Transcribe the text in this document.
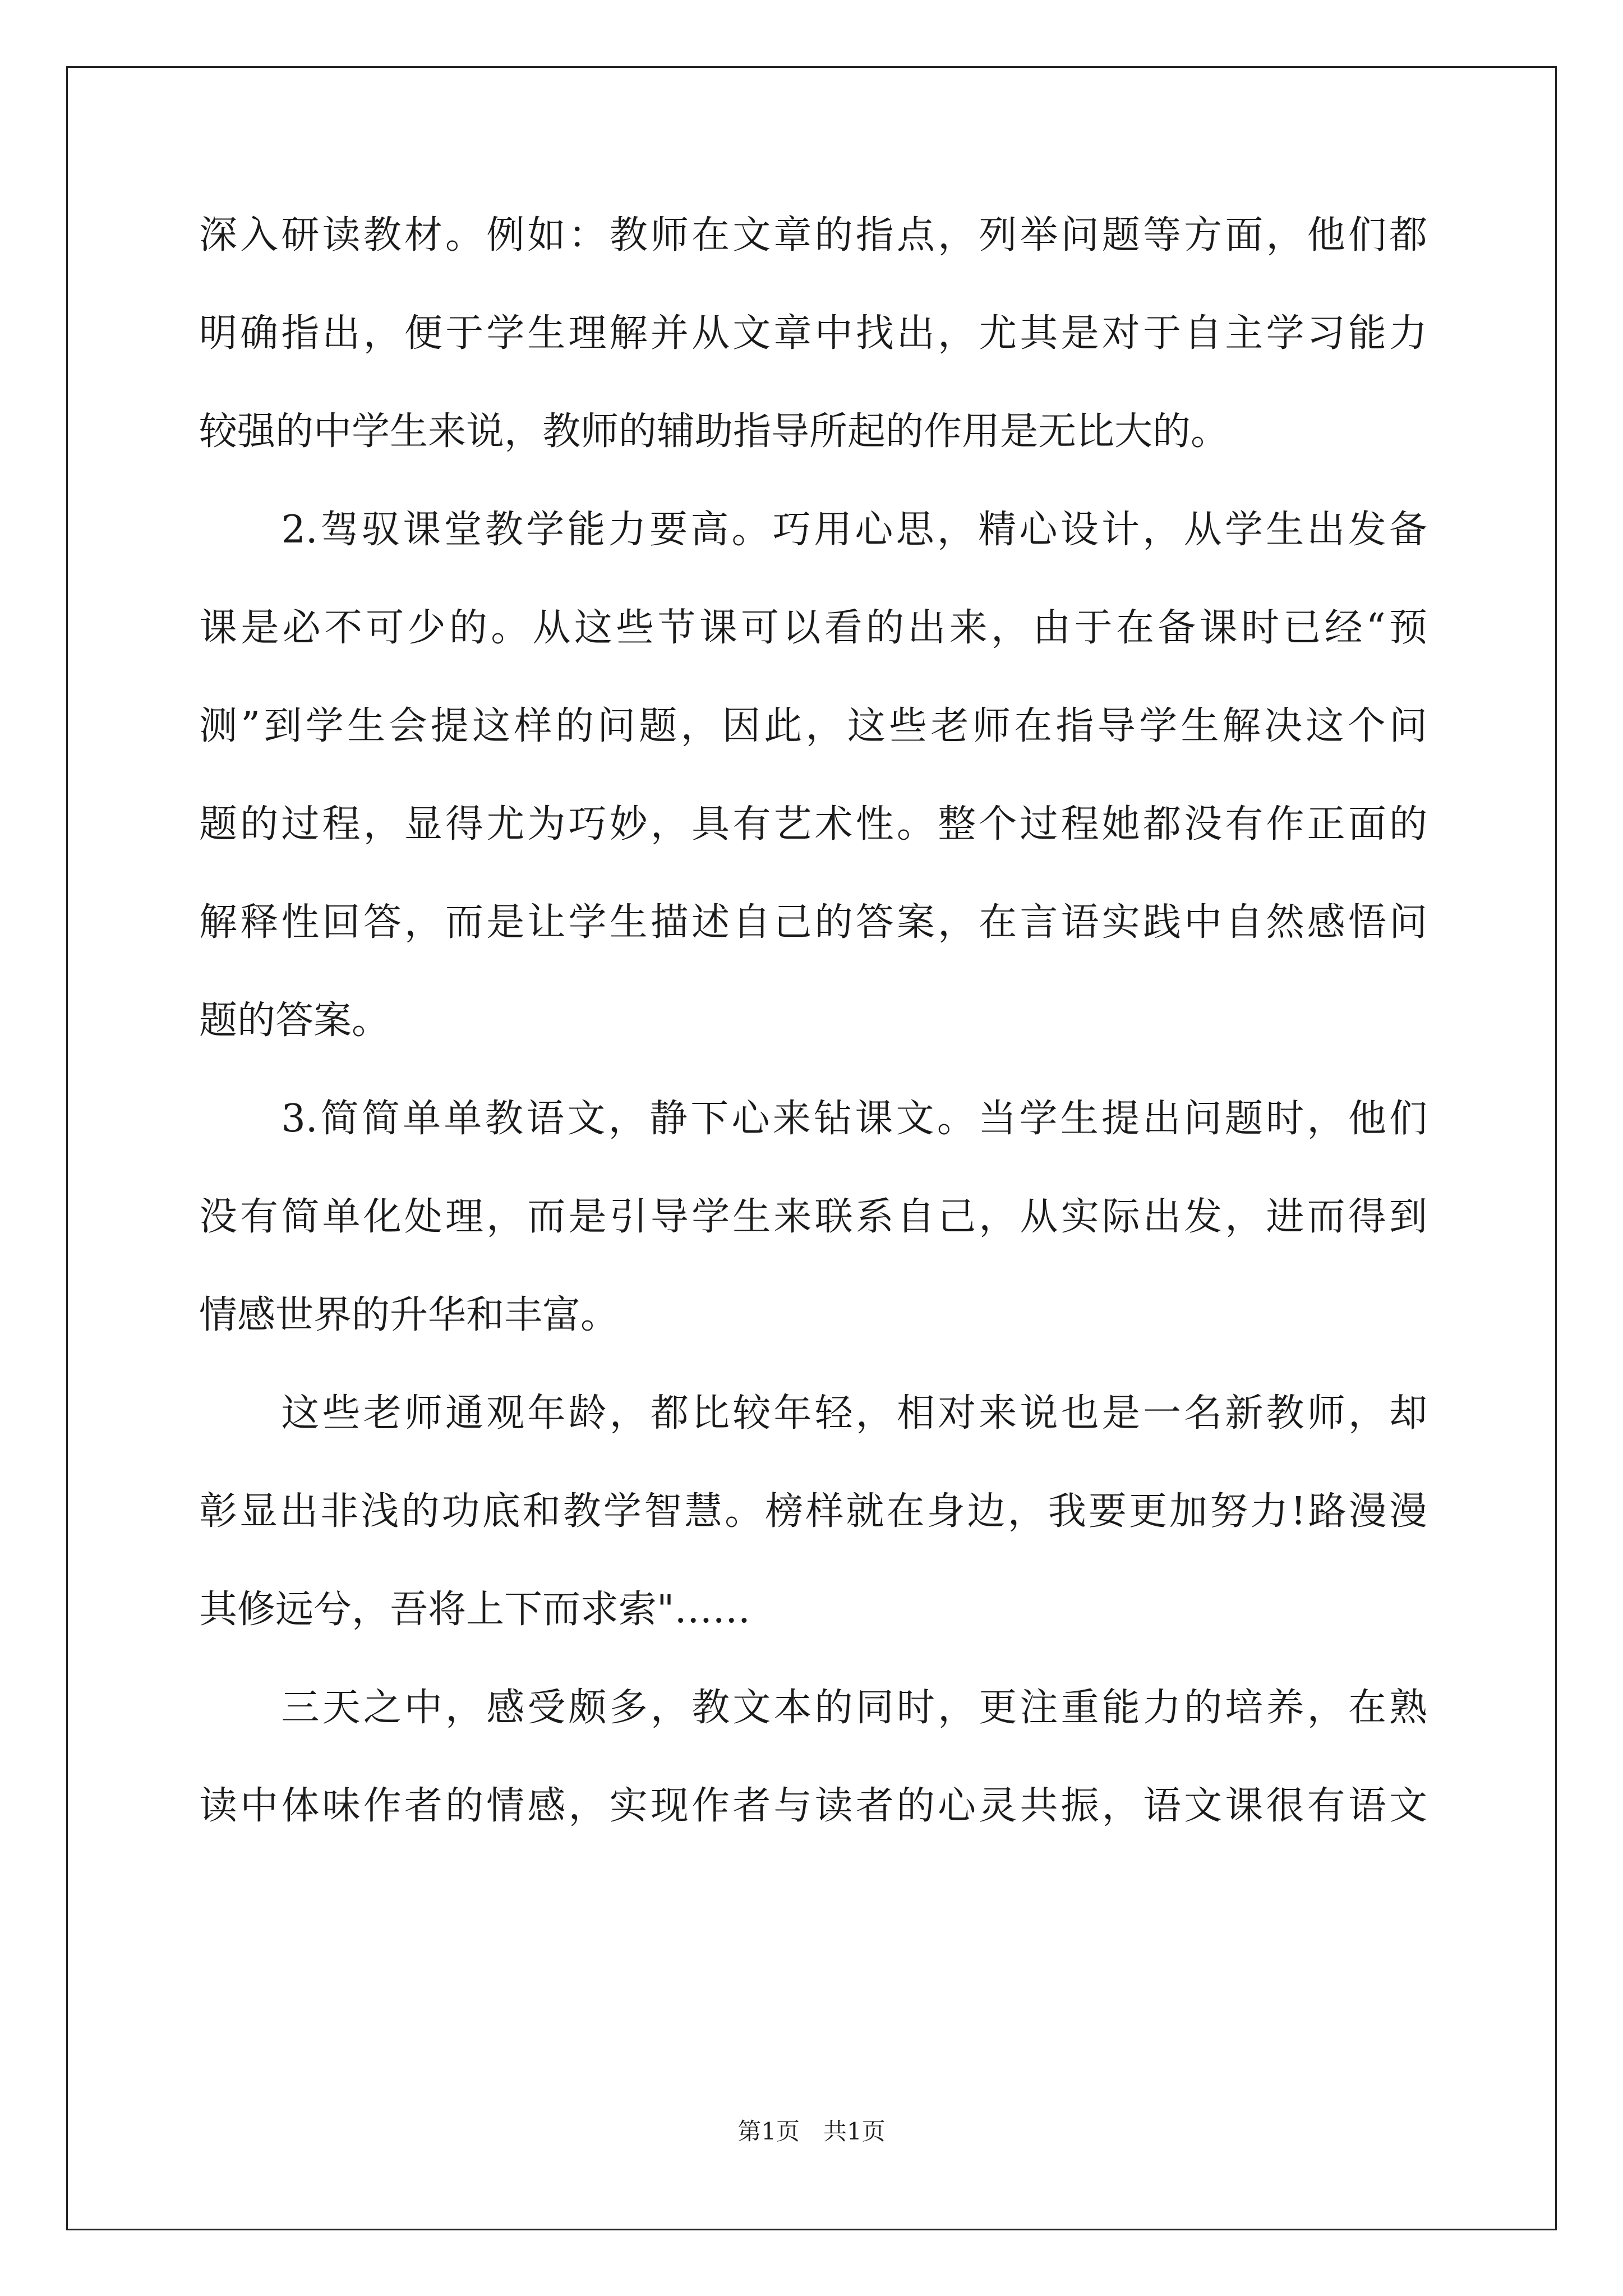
深入研读教材。例如：教师在文章的指点，列举问题等方面，他们都
明确指出，便于学生理解并从文章中找出，尤其是对于自主学习能力
较强的中学生来说，教师的辅助指导所起的作用是无比大的。
　　2.驾驭课堂教学能力要高。巧用心思，精心设计，从学生出发备
课是必不可少的。从这些节课可以看的出来，由于在备课时已经“预
测”到学生会提这样的问题，因此，这些老师在指导学生解决这个问
题的过程，显得尤为巧妙，具有艺术性。整个过程她都没有作正面的
解释性回答，而是让学生描述自己的答案，在言语实践中自然感悟问
题的答案。
　　3.简简单单教语文，静下心来钻课文。当学生提出问题时，他们
没有简单化处理，而是引导学生来联系自己，从实际出发，进而得到
情感世界的升华和丰富。
　　这些老师通观年龄，都比较年轻，相对来说也是一名新教师，却
彰显出非浅的功底和教学智慧。榜样就在身边，我要更加努力!路漫漫
其修远兮，吾将上下而求索"……
　　三天之中，感受颇多，教文本的同时，更注重能力的培养，在熟
读中体味作者的情感，实现作者与读者的心灵共振，语文课很有语文
第1页　共1页
